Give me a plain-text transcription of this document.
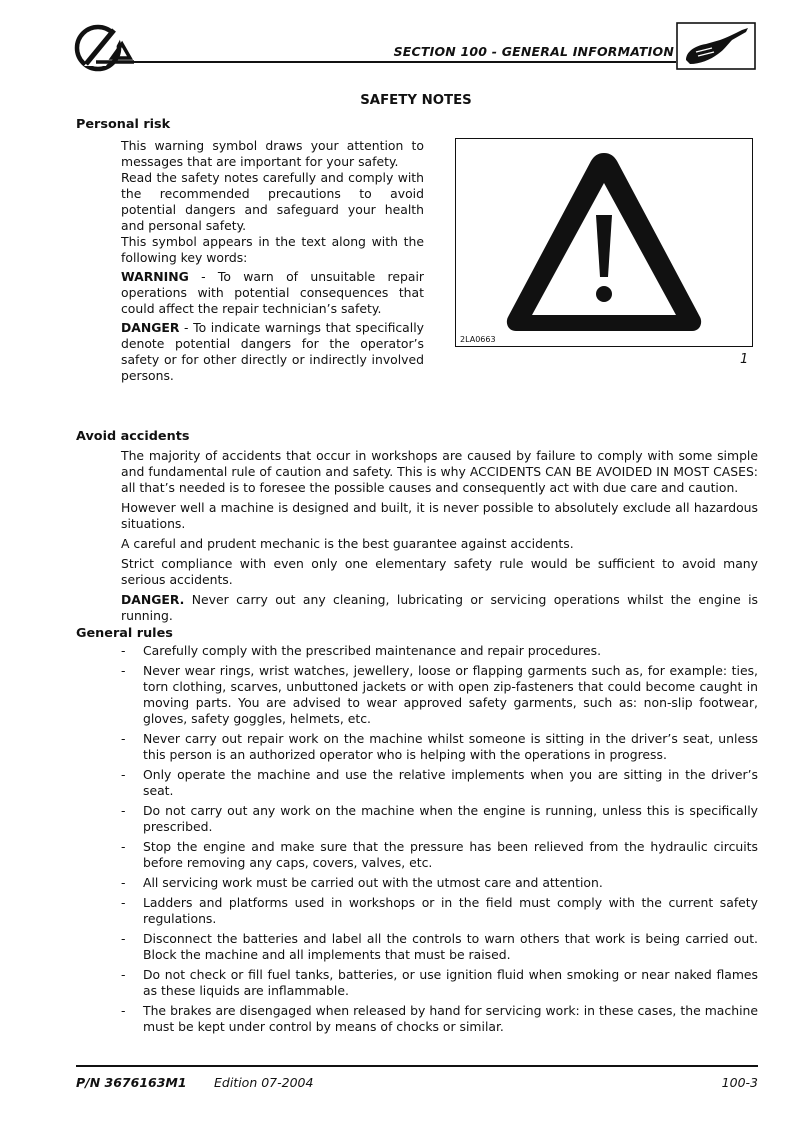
SECTION 100 - GENERAL INFORMATION
SAFETY NOTES
Personal risk

This warning symbol draws your attention to messages that are important for your safety.

Read the safety notes carefully and comply with the recommended precautions to avoid potential dangers and safeguard your health and personal safety.

This symbol appears in the text along with the following key words:

WARNING - To warn of unsuitable repair operations with potential consequences that could affect the repair technician’s safety.

DANGER - To indicate warnings that specifically denote potential dangers for the operator’s safety or for other directly or indirectly involved persons.

2LA0663
1
Avoid accidents

The majority of accidents that occur in workshops are caused by failure to comply with some simple and fundamental rule of caution and safety. This is why ACCIDENTS CAN BE AVOIDED IN MOST CASES: all that’s needed is to foresee the possible causes and consequently act with due care and caution.

However well a machine is designed and built, it is never possible to absolutely exclude all hazardous situations.

A careful and prudent mechanic is the best guarantee against accidents.

Strict compliance with even only one elementary safety rule would be sufficient to avoid many serious accidents.

DANGER. Never carry out any cleaning, lubricating or servicing operations whilst the engine is running.

General rules
- Carefully comply with the prescribed maintenance and repair procedures.
- Never wear rings, wrist watches, jewellery, loose or flapping garments such as, for example: ties, torn clothing, scarves, unbuttoned jackets or with open zip-fasteners that could become caught in moving parts. You are advised to wear approved safety garments, such as: non-slip footwear, gloves, safety goggles, helmets, etc.
- Never carry out repair work on the machine whilst someone is sitting in the driver’s seat, unless this person is an authorized operator who is helping with the operations in progress.
- Only operate the machine and use the relative implements when you are sitting in the driver’s seat.
- Do not carry out any work on the machine when the engine is running, unless this is specifically prescribed.
- Stop the engine and make sure that the pressure has been relieved from the hydraulic circuits before removing any caps, covers, valves, etc.
- All servicing work must be carried out with the utmost care and attention.
- Ladders and platforms used in workshops or in the field must comply with the current safety regulations.
- Disconnect the batteries and label all the controls to warn others that work is being carried out. Block the machine and all implements that must be raised.
- Do not check or fill fuel tanks, batteries, or use ignition fluid when smoking or near naked flames as these liquids are inflammable.
- The brakes are disengaged when released by hand for servicing work: in these cases, the machine must be kept under control by means of chocks or similar.
P/N 3676163M1 Edition 07-2004	100-3
